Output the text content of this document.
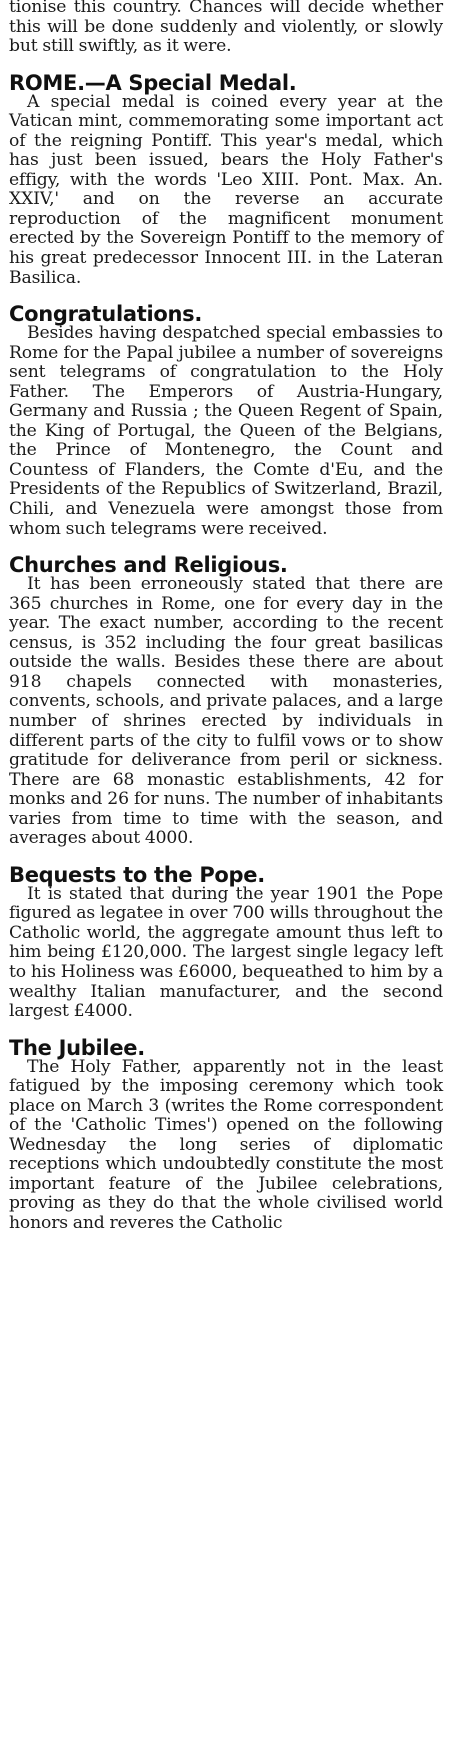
tionise this country. Chances will decide whether this will be done suddenly and violently, or slowly but still swiftly, as it were.

ROME.—A Special Medal.

A special medal is coined every year at the Vatican mint, commemorating some important act of the reigning Pontiff. This year's medal, which has just been issued, bears the Holy Father's effigy, with the words 'Leo XIII. Pont. Max. An. XXIV,' and on the reverse an accurate reproduction of the magnificent monument erected by the Sovereign Pontiff to the memory of his great predecessor Innocent III. in the Lateran Basilica.

Congratulations.

Besides having despatched special embassies to Rome for the Papal jubilee a number of sovereigns sent telegrams of congratulation to the Holy Father. The Emperors of Austria-Hungary, Germany and Russia ; the Queen Regent of Spain, the King of Portugal, the Queen of the Belgians, the Prince of Montenegro, the Count and Countess of Flanders, the Comte d'Eu, and the Presidents of the Republics of Switzerland, Brazil, Chili, and Venezuela were amongst those from whom such telegrams were received.

Churches and Religious.

It has been erroneously stated that there are 365 churches in Rome, one for every day in the year. The exact number, according to the recent census, is 352 including the four great basilicas outside the walls. Besides these there are about 918 chapels connected with monasteries, convents, schools, and private palaces, and a large number of shrines erected by individuals in different parts of the city to fulfil vows or to show gratitude for deliverance from peril or sickness. There are 68 monastic establishments, 42 for monks and 26 for nuns. The number of inhabitants varies from time to time with the season, and averages about 4000.

Bequests to the Pope.

It is stated that during the year 1901 the Pope figured as legatee in over 700 wills throughout the Catholic world, the aggregate amount thus left to him being £120,000. The largest single legacy left to his Holiness was £6000, bequeathed to him by a wealthy Italian manufacturer, and the second largest £4000.

The Jubilee.

The Holy Father, apparently not in the least fatigued by the imposing ceremony which took place on March 3 (writes the Rome correspondent of the 'Catholic Times') opened on the following Wednesday the long series of diplomatic receptions which undoubtedly constitute the most important feature of the Jubilee celebrations, proving as they do that the whole civilised world honors and reveres the Catholic
